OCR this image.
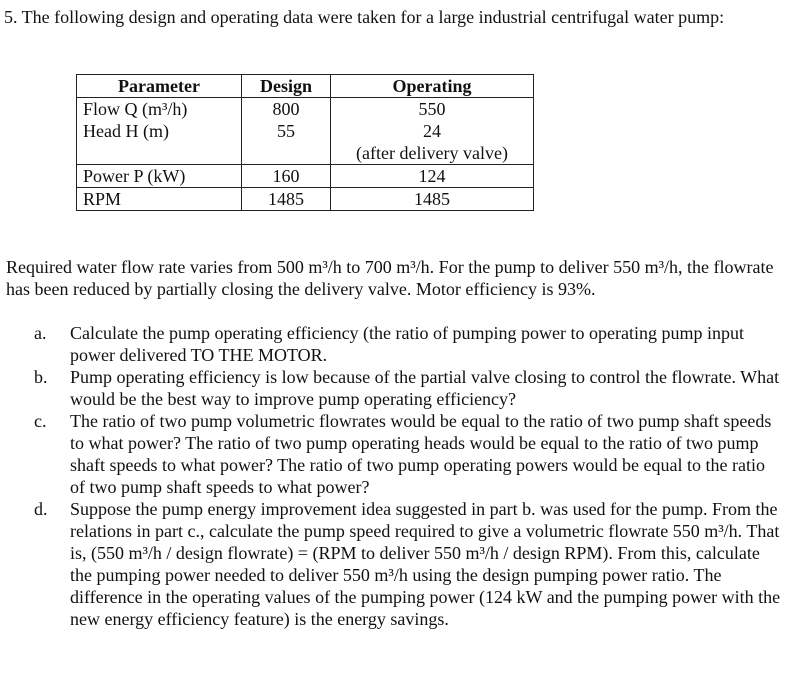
5. The following design and operating data were taken for a large industrial centrifugal water pump:
Parameter	Design	Operating
Flow Q (m³/h)	800	550
Head H (m)	55	24
		(after delivery valve)
Power P (kW)	160	124
RPM	1485	1485
Required water flow rate varies from 500 m³/h to 700 m³/h. For the pump to deliver 550 m³/h, the flowrate has been reduced by partially closing the delivery valve. Motor efficiency is 93%.
a.	Calculate the pump operating efficiency (the ratio of pumping power to operating pump input power delivered TO THE MOTOR.
b.	Pump operating efficiency is low because of the partial valve closing to control the flowrate. What would be the best way to improve pump operating efficiency?
c.	The ratio of two pump volumetric flowrates would be equal to the ratio of two pump shaft speeds to what power? The ratio of two pump operating heads would be equal to the ratio of two pump shaft speeds to what power? The ratio of two pump operating powers would be equal to the ratio of two pump shaft speeds to what power?
d.	Suppose the pump energy improvement idea suggested in part b. was used for the pump. From the relations in part c., calculate the pump speed required to give a volumetric flowrate 550 m³/h. That is, (550 m³/h / design flowrate) = (RPM to deliver 550 m³/h / design RPM). From this, calculate the pumping power needed to deliver 550 m³/h using the design pumping power ratio. The difference in the operating values of the pumping power (124 kW and the pumping power with the new energy efficiency feature) is the energy savings.
